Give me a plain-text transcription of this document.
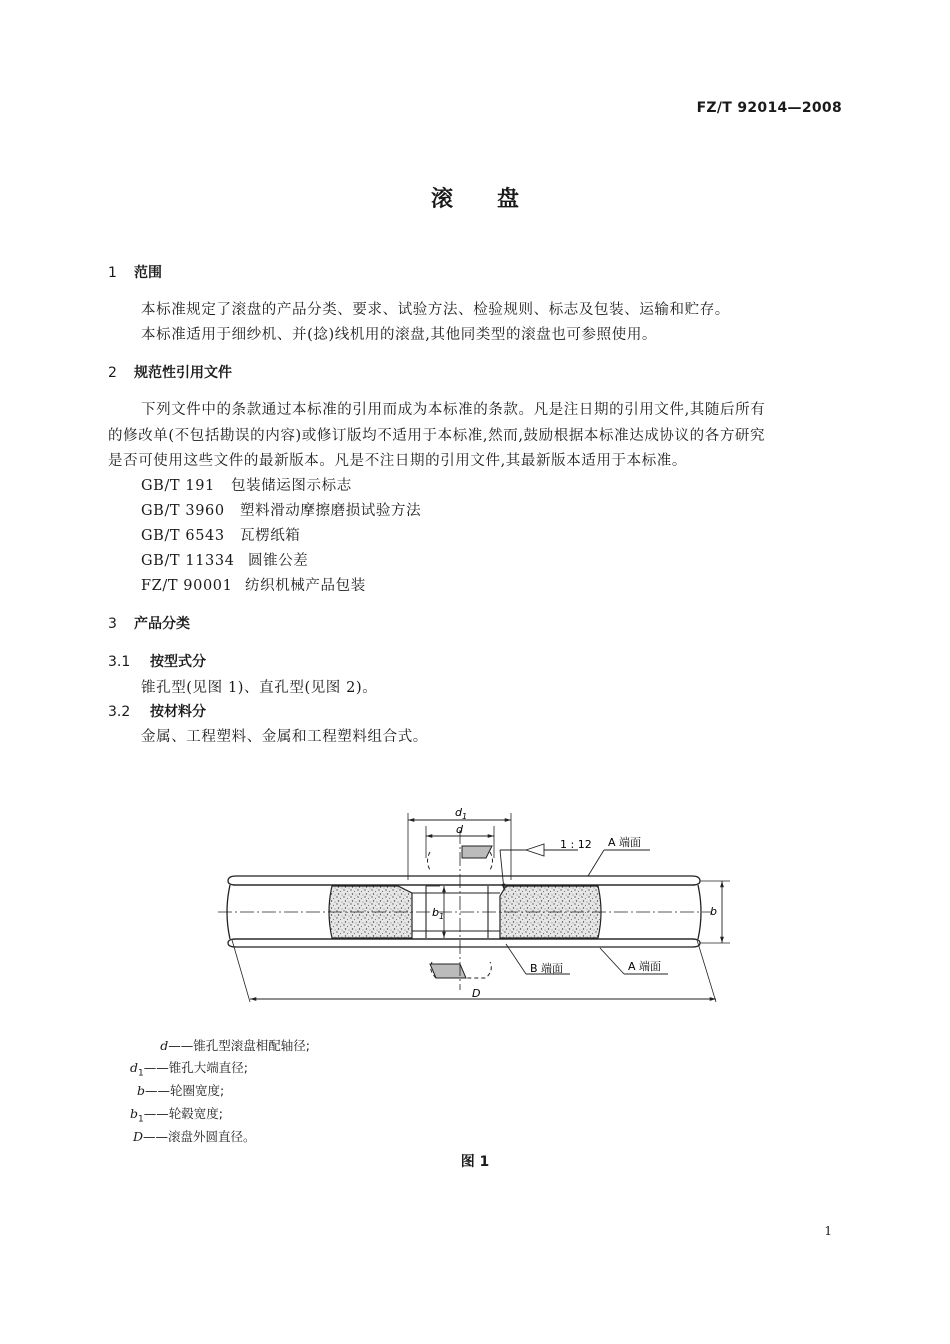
FZ/T 92014—2008
滚　　盘
1 范围
本标准规定了滚盘的产品分类、要求、试验方法、检验规则、标志及包装、运输和贮存。
本标准适用于细纱机、并(捻)线机用的滚盘,其他同类型的滚盘也可参照使用。
2 规范性引用文件
下列文件中的条款通过本标准的引用而成为本标准的条款。凡是注日期的引用文件,其随后所有
的修改单(不包括勘误的内容)或修订版均不适用于本标准,然而,鼓励根据本标准达成协议的各方研究
是否可使用这些文件的最新版本。凡是不注日期的引用文件,其最新版本适用于本标准。
GB/T 191 包装储运图示标志
GB/T 3960 塑料滑动摩擦磨损试验方法
GB/T 6543 瓦楞纸箱
GB/T 11334 圆锥公差
FZ/T 90001 纺织机械产品包装
3 产品分类
3.1 按型式分
锥孔型(见图 1)、直孔型(见图 2)。
3.2 按材料分
金属、工程塑料、金属和工程塑料组合式。
$d_1$
d
1 : 12 A 端面
B 端面	A 端面
b
$b_1$
D
d——锥孔型滚盘相配轴径;
$d_1——$锥孔大端直径;
b——轮圈宽度;
$b_1——$轮毂宽度;
D——滚盘外圆直径。
图 1
1
